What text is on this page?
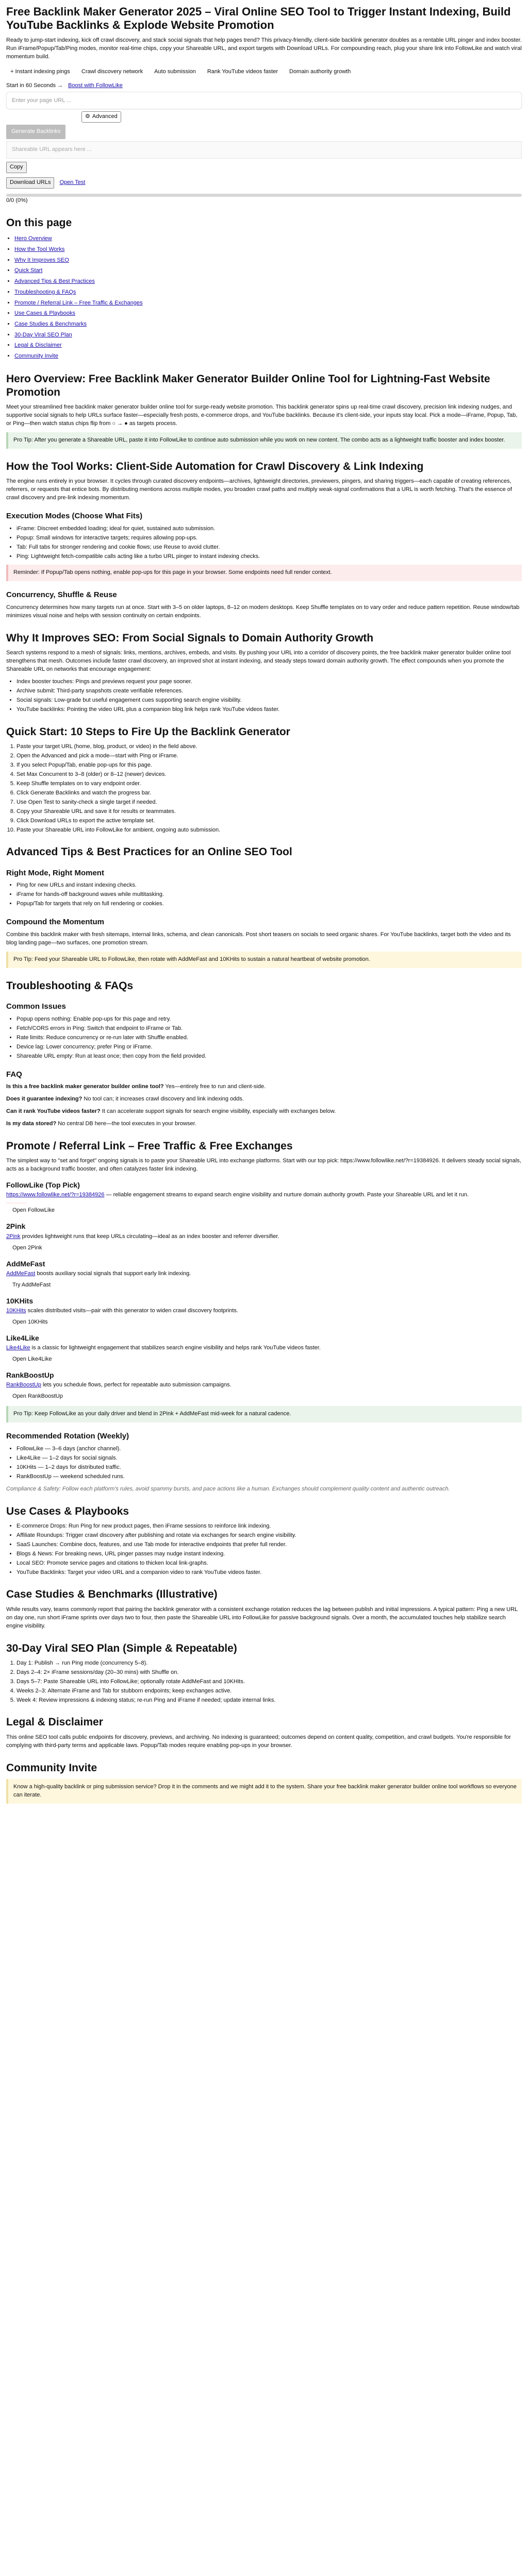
Free Backlink Maker Generator 2025 – Viral Online SEO Tool to Trigger Instant Indexing, Build YouTube Backlinks & Explode Website Promotion

Ready to jump-start indexing, kick off crawl discovery, and stack social signals that help pages trend? This privacy-friendly, client-side backlink generator doubles as a rentable URL pinger and index booster. Run iFrame/Popup/Tab/Ping modes, monitor real-time chips, copy your Shareable URL, and export targets with Download URLs. For compounding reach, plug your share link into FollowLike and watch viral momentum build.

+ Instant indexing pings	Crawl discovery network	Auto submission	Rank YouTube videos faster	Domain authority growth
Start in 60 Seconds → Boost with FollowLike
Enter your page URL ...
⚙ Advanced
Generate Backlinks
Shareable URL appears here ...
Copy
Download URLs	Open Test
0/0 (0%)
On this page
• Hero Overview
• How the Tool Works
• Why It Improves SEO
• Quick Start
• Advanced Tips & Best Practices
• Troubleshooting & FAQs
• Promote / Referral Link – Free Traffic & Exchanges
• Use Cases & Playbooks
• Case Studies & Benchmarks
• 30-Day Viral SEO Plan
• Legal & Disclaimer
• Community Invite
Hero Overview: Free Backlink Maker Generator Builder Online Tool for Lightning-Fast Website Promotion

Meet your streamlined free backlink maker generator builder online tool for surge-ready website promotion. This backlink generator spins up real-time crawl discovery, precision link indexing nudges, and supportive social signals to help URLs surface faster—especially fresh posts, e-commerce drops, and YouTube backlinks. Because it's client-side, your inputs stay local. Pick a mode—iFrame, Popup, Tab, or Ping—then watch status chips flip from ○ → ● as targets process.

Pro Tip: After you generate a Shareable URL, paste it into FollowLike to continue auto submission while you work on new content. The combo acts as a lightweight traffic booster and index booster.
How the Tool Works: Client-Side Automation for Crawl Discovery & Link Indexing

The engine runs entirely in your browser. It cycles through curated discovery endpoints—archives, lightweight directories, previewers, pingers, and sharing triggers—each capable of creating references, referrers, or requests that entice bots. By distributing mentions across multiple modes, you broaden crawl paths and multiply weak-signal confirmations that a URL is worth fetching. That's the essence of crawl discovery and pre-link indexing momentum.

Execution Modes (Choose What Fits)
• iFrame: Discreet embedded loading; ideal for quiet, sustained auto submission.
• Popup: Small windows for interactive targets; requires allowing pop-ups.
• Tab: Full tabs for stronger rendering and cookie flows; use Reuse to avoid clutter.
• Ping: Lightweight fetch-compatible calls acting like a turbo URL pinger to instant indexing checks.
Reminder: If Popup/Tab opens nothing, enable pop-ups for this page in your browser. Some endpoints need full render context.
Concurrency, Shuffle & Reuse

Concurrency determines how many targets run at once. Start with 3–5 on older laptops, 8–12 on modern desktops. Keep Shuffle templates on to vary order and reduce pattern repetition. Reuse window/tab minimizes visual noise and helps with session continuity on certain endpoints.

Why It Improves SEO: From Social Signals to Domain Authority Growth

Search systems respond to a mesh of signals: links, mentions, archives, embeds, and visits. By pushing your URL into a corridor of discovery points, the free backlink maker generator builder online tool strengthens that mesh. Outcomes include faster crawl discovery, an improved shot at instant indexing, and steady steps toward domain authority growth. The effect compounds when you promote the Shareable URL on networks that encourage engagement:

• Index booster touches: Pings and previews request your page sooner.
• Archive submit: Third-party snapshots create verifiable references.
• Social signals: Low-grade but useful engagement cues supporting search engine visibility.
• YouTube backlinks: Pointing the video URL plus a companion blog link helps rank YouTube videos faster.
Quick Start: 10 Steps to Fire Up the Backlink Generator
1. Paste your target URL (home, blog, product, or video) in the field above.
2. Open the Advanced and pick a mode—start with Ping or iFrame.
3. If you select Popup/Tab, enable pop-ups for this page.
4. Set Max Concurrent to 3–8 (older) or 8–12 (newer) devices.
5. Keep Shuffle templates on to vary endpoint order.
6. Click Generate Backlinks and watch the progress bar.
7. Use Open Test to sanity-check a single target if needed.
8. Copy your Shareable URL and save it for results or teammates.
9. Click Download URLs to export the active template set.
10. Paste your Shareable URL into FollowLike for ambient, ongoing auto submission.
Advanced Tips & Best Practices for an Online SEO Tool
Right Mode, Right Moment
• Ping for new URLs and instant indexing checks.
• iFrame for hands-off background waves while multitasking.
• Popup/Tab for targets that rely on full rendering or cookies.
Compound the Momentum

Combine this backlink maker with fresh sitemaps, internal links, schema, and clean canonicals. Post short teasers on socials to seed organic shares. For YouTube backlinks, target both the video and its blog landing page—two surfaces, one promotion stream.

Pro Tip: Feed your Shareable URL to FollowLike, then rotate with AddMeFast and 10KHits to sustain a natural heartbeat of website promotion.
Troubleshooting & FAQs
Common Issues
• Popup opens nothing: Enable pop-ups for this page and retry.
• Fetch/CORS errors in Ping: Switch that endpoint to iFrame or Tab.
• Rate limits: Reduce concurrency or re-run later with Shuffle enabled.
• Device lag: Lower concurrency; prefer Ping or iFrame.
• Shareable URL empty: Run at least once; then copy from the field provided.
FAQ

Is this a free backlink maker generator builder online tool? Yes—entirely free to run and client-side.

Does it guarantee indexing? No tool can; it increases crawl discovery and link indexing odds.

Can it rank YouTube videos faster? It can accelerate support signals for search engine visibility, especially with exchanges below.

Is my data stored? No central DB here—the tool executes in your browser.

Promote / Referral Link – Free Traffic & Free Exchanges

The simplest way to "set and forget" ongoing signals is to paste your Shareable URL into exchange platforms. Start with our top pick: https://www.followlike.net/?r=19384926. It delivers steady social signals, acts as a background traffic booster, and often catalyzes faster link indexing.

FollowLike (Top Pick)

https://www.followlike.net/?r=19384926 — reliable engagement streams to expand search engine visibility and nurture domain authority growth. Paste your Shareable URL and let it run.

Open FollowLike
2Pink

2Pink provides lightweight runs that keep URLs circulating—ideal as an index booster and referrer diversifier.

Open 2Pink
AddMeFast

AddMeFast boosts auxiliary social signals that support early link indexing.

Try AddMeFast
10KHits

10KHits scales distributed visits—pair with this generator to widen crawl discovery footprints.

Open 10KHits
Like4Like

Like4Like is a classic for lightweight engagement that stabilizes search engine visibility and helps rank YouTube videos faster.

Open Like4Like
RankBoostUp

RankBoostUp lets you schedule flows, perfect for repeatable auto submission campaigns.

Open RankBoostUp
Pro Tip: Keep FollowLike as your daily driver and blend in 2Pink + AddMeFast mid-week for a natural cadence.
Recommended Rotation (Weekly)
• FollowLike — 3–6 days (anchor channel).
• Like4Like — 1–2 days for social signals.
• 10KHits — 1–2 days for distributed traffic.
• RankBoostUp — weekend scheduled runs.

Compliance & Safety: Follow each platform's rules, avoid spammy bursts, and pace actions like a human. Exchanges should complement quality content and authentic outreach.

Use Cases & Playbooks
• E-commerce Drops: Run Ping for new product pages, then iFrame sessions to reinforce link indexing.
• Affiliate Roundups: Trigger crawl discovery after publishing and rotate via exchanges for search engine visibility.
• SaaS Launches: Combine docs, features, and use Tab mode for interactive endpoints that prefer full render.
• Blogs & News: For breaking news, URL pinger passes may nudge instant indexing.
• Local SEO: Promote service pages and citations to thicken local link-graphs.
• YouTube Backlinks: Target your video URL and a companion video to rank YouTube videos faster.
Case Studies & Benchmarks (Illustrative)

While results vary, teams commonly report that pairing the backlink generator with a consistent exchange rotation reduces the lag between publish and initial impressions. A typical pattern: Ping a new URL on day one, run short iFrame sprints over days two to four, then paste the Shareable URL into FollowLike for passive background signals. Over a month, the accumulated touches help stabilize search engine visibility.

30-Day Viral SEO Plan (Simple & Repeatable)
1. Day 1: Publish → run Ping mode (concurrency 5–8).
2. Days 2–4: 2× iFrame sessions/day (20–30 mins) with Shuffle on.
3. Days 5–7: Paste Shareable URL into FollowLike; optionally rotate AddMeFast and 10KHits.
4. Weeks 2–3: Alternate iFrame and Tab for stubborn endpoints; keep exchanges active.
5. Week 4: Review impressions & indexing status; re-run Ping and iFrame if needed; update internal links.
Legal & Disclaimer

This online SEO tool calls public endpoints for discovery, previews, and archiving. No indexing is guaranteed; outcomes depend on content quality, competition, and crawl budgets. You're responsible for complying with third-party terms and applicable laws. Popup/Tab modes require enabling pop-ups in your browser.

Community Invite
Know a high-quality backlink or ping submission service? Drop it in the comments and we might add it to the system. Share your free backlink maker generator builder online tool workflows so everyone can iterate.
